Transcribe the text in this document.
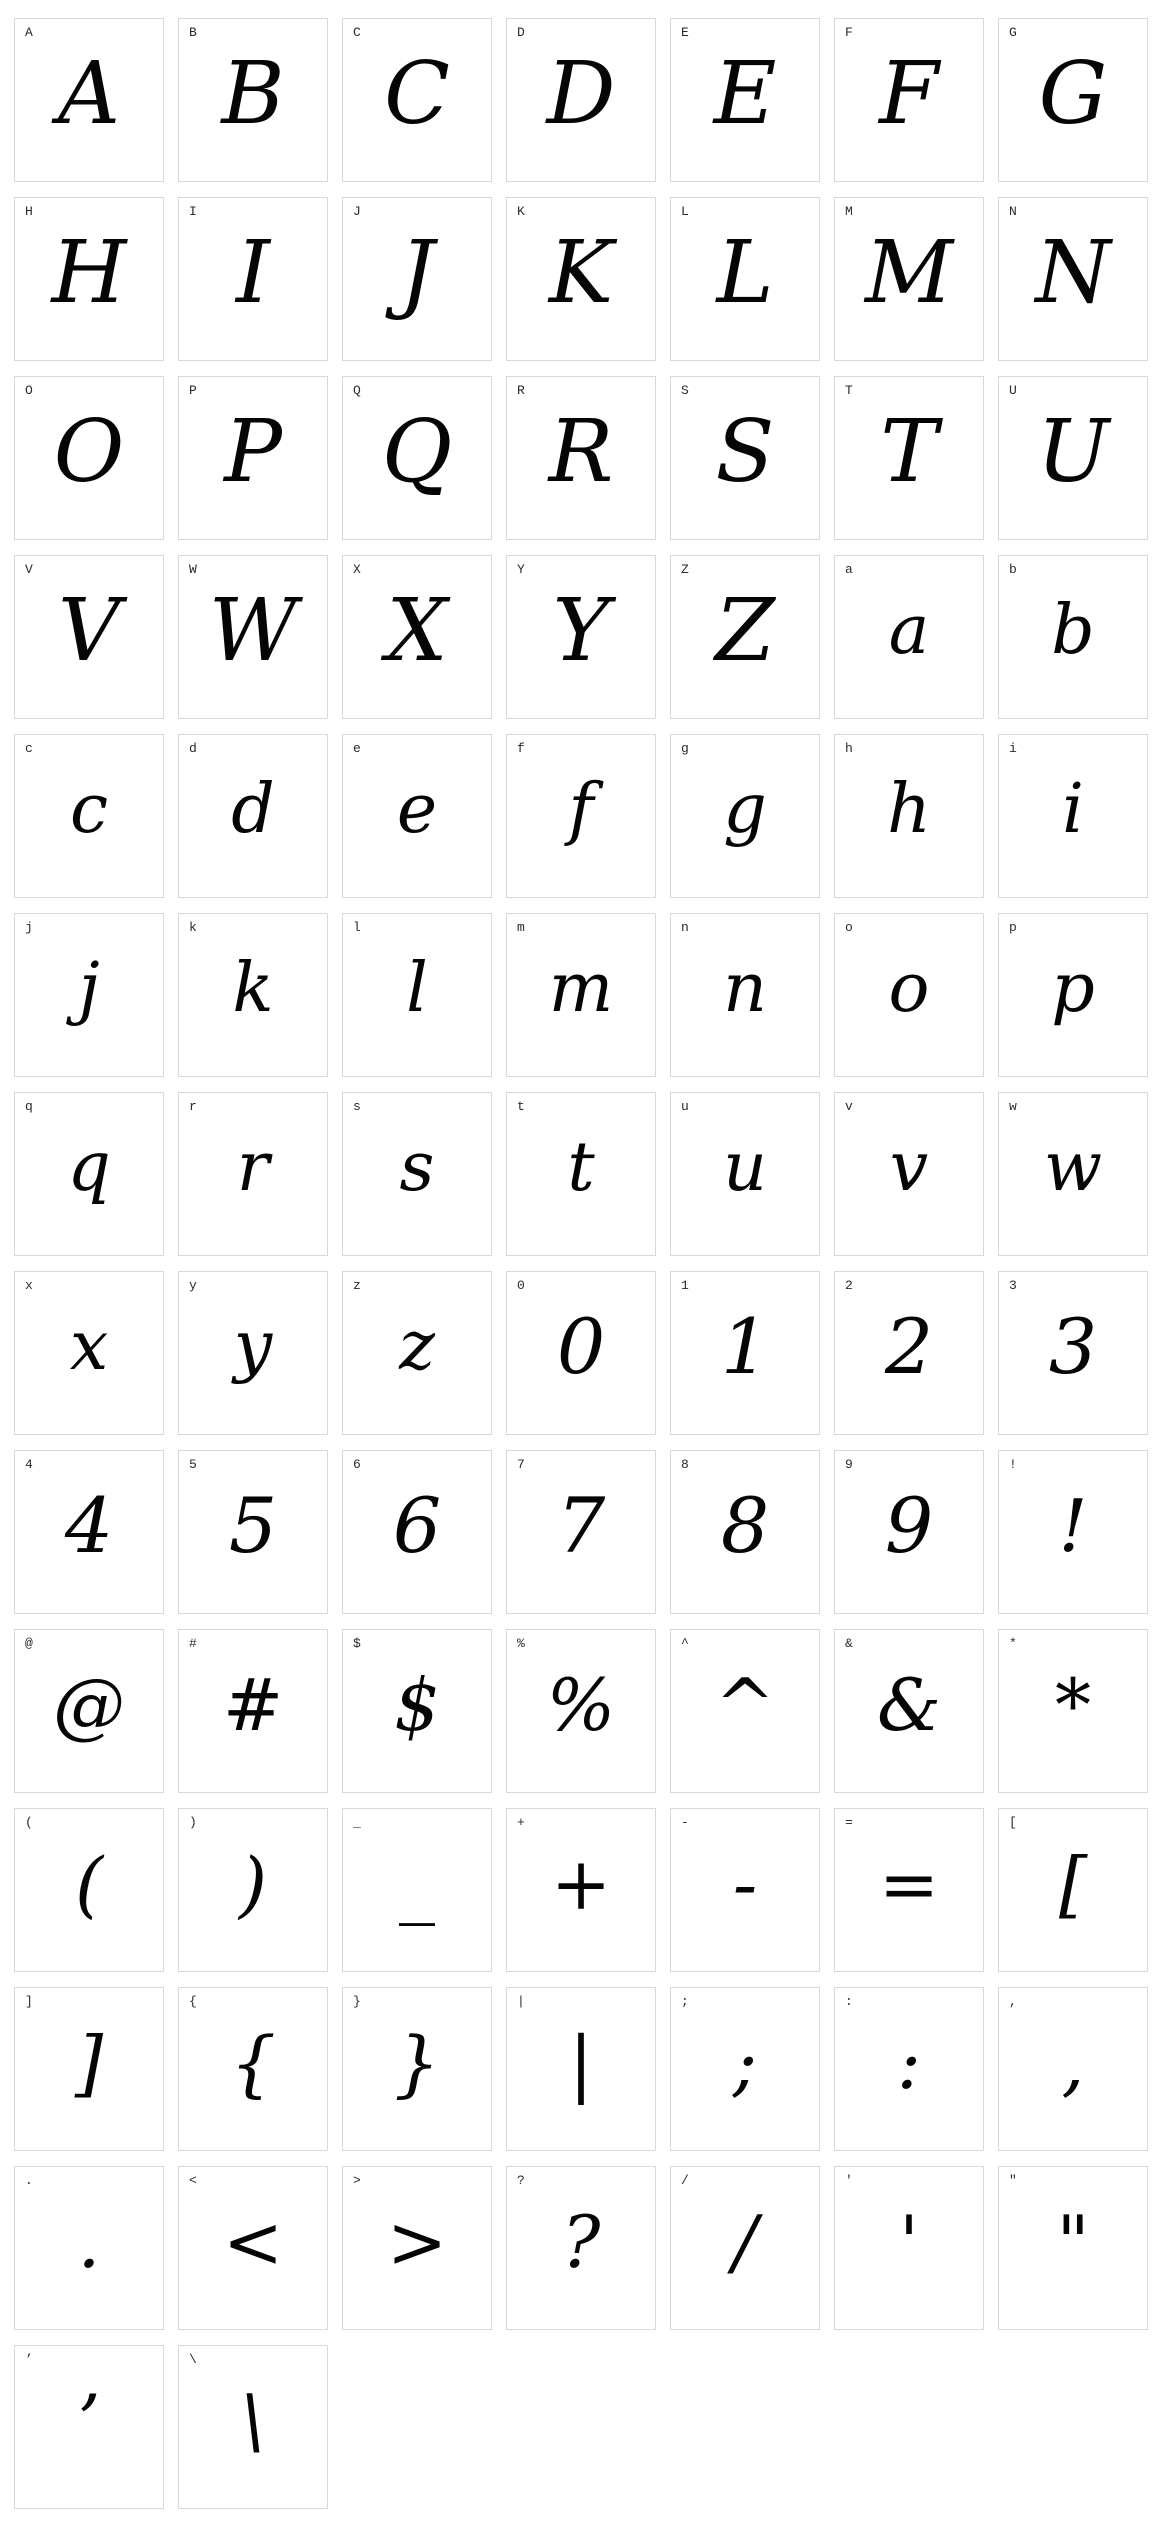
A
A
B
B
C
C
D
D
E
E
F
F
G
G
H
H
I
I
J
J
K
K
L
L
M
M
N
N
O
O
P
P
Q
Q
R
R
S
S
T
T
U
U
V
V
W
W
X
X
Y
Y
Z
Z
a
a
b
b
c
c
d
d
e
e
f
f
g
g
h
h
i
i
j
j
k
k
l
l
m
m
n
n
o
o
p
p
q
q
r
r
s
s
t
t
u
u
v
v
w
w
x
x
y
y
z
z
0
0
1
1
2
2
3
3
4
4
5
5
6
6
7
7
8
8
9
9
!
!
@
@
#
#
$
$
%
%
^
^
&
&
*
*
(
(
)
)
_
_
+
+
-
-
=
=
[
[
]
]
{
{
}
}
|
|
;
;
:
:
,
,
.
.
<
<
>
>
?
?
/
/
'
'
"
"
’
’
\
\
